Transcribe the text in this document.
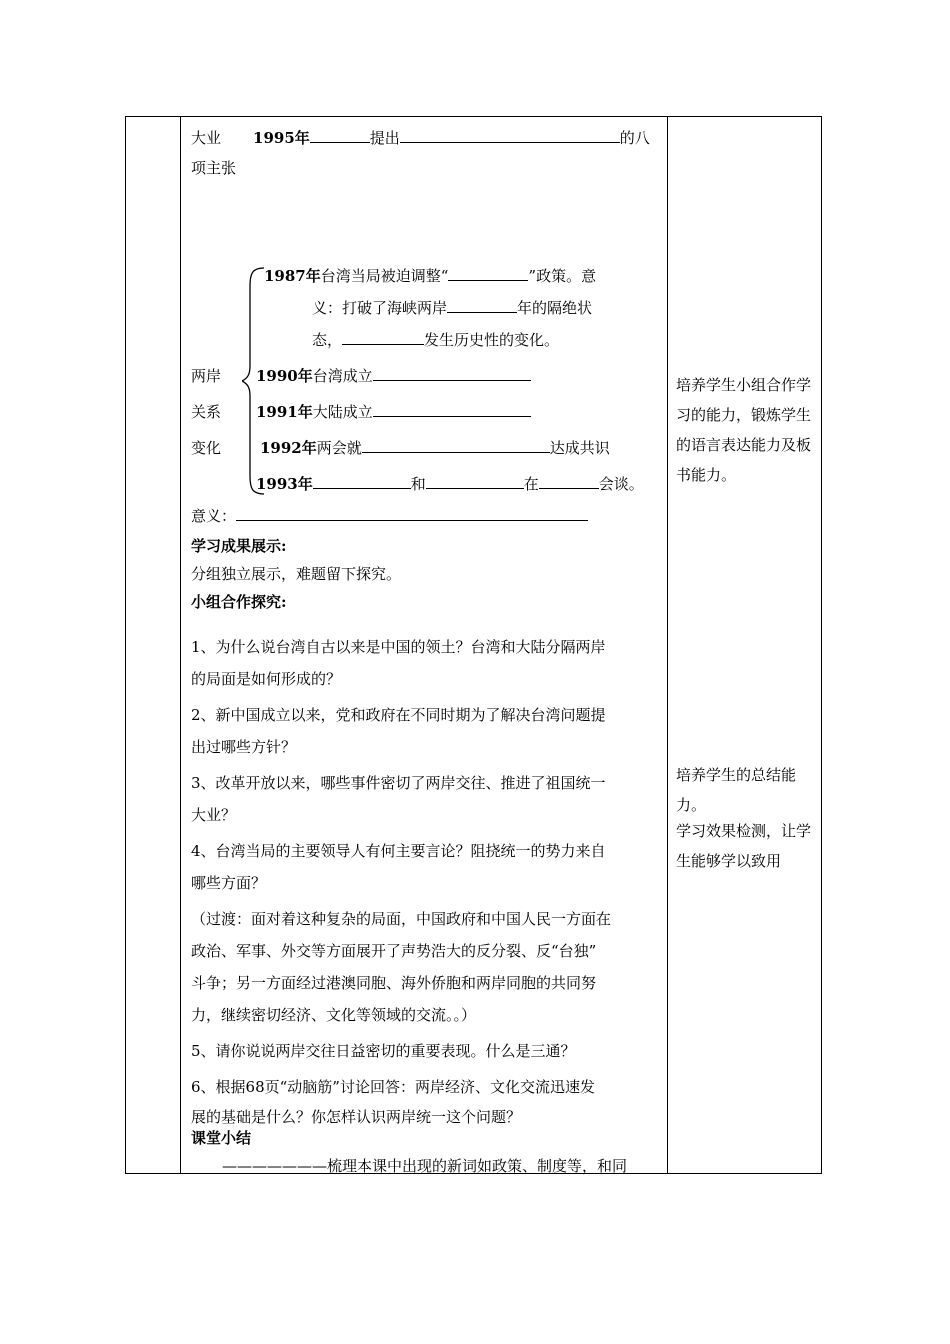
大业 1995年	提出	的八
项主张
1987年台湾当局被迫调整“	”政策。意
义：打破了海峡两岸	年的隔绝状
态，	发生历史性的变化。
两岸
关系
变化
1990年台湾成立
1991年大陆成立
1992年两会就	达成共识
1993年	和	在	会谈。
意义：
学习成果展示:
分组独立展示，难题留下探究。
小组合作探究:
1、为什么说台湾自古以来是中国的领土？台湾和大陆分隔两岸
的局面是如何形成的？
2、新中国成立以来，党和政府在不同时期为了解决台湾问题提
出过哪些方针？
3、改革开放以来，哪些事件密切了两岸交往、推进了祖国统一
大业？
4、台湾当局的主要领导人有何主要言论？阻挠统一的势力来自
哪些方面？
（过渡：面对着这种复杂的局面，中国政府和中国人民一方面在
政治、军事、外交等方面展开了声势浩大的反分裂、反“台独”
斗争；另一方面经过港澳同胞、海外侨胞和两岸同胞的共同努
力，继续密切经济、文化等领域的交流。。）
5、请你说说两岸交往日益密切的重要表现。什么是三通？
6、根据68页“动脑筋”讨论回答：两岸经济、文化交流迅速发
展的基础是什么？你怎样认识两岸统一这个问题？
课堂小结
———————梳理本课中出现的新词如政策、制度等，和同
培养学生小组合作学习的能力，锻炼学生的语言表达能力及板书能力。
培养学生的总结能力。
学习效果检测，让学生能够学以致用
